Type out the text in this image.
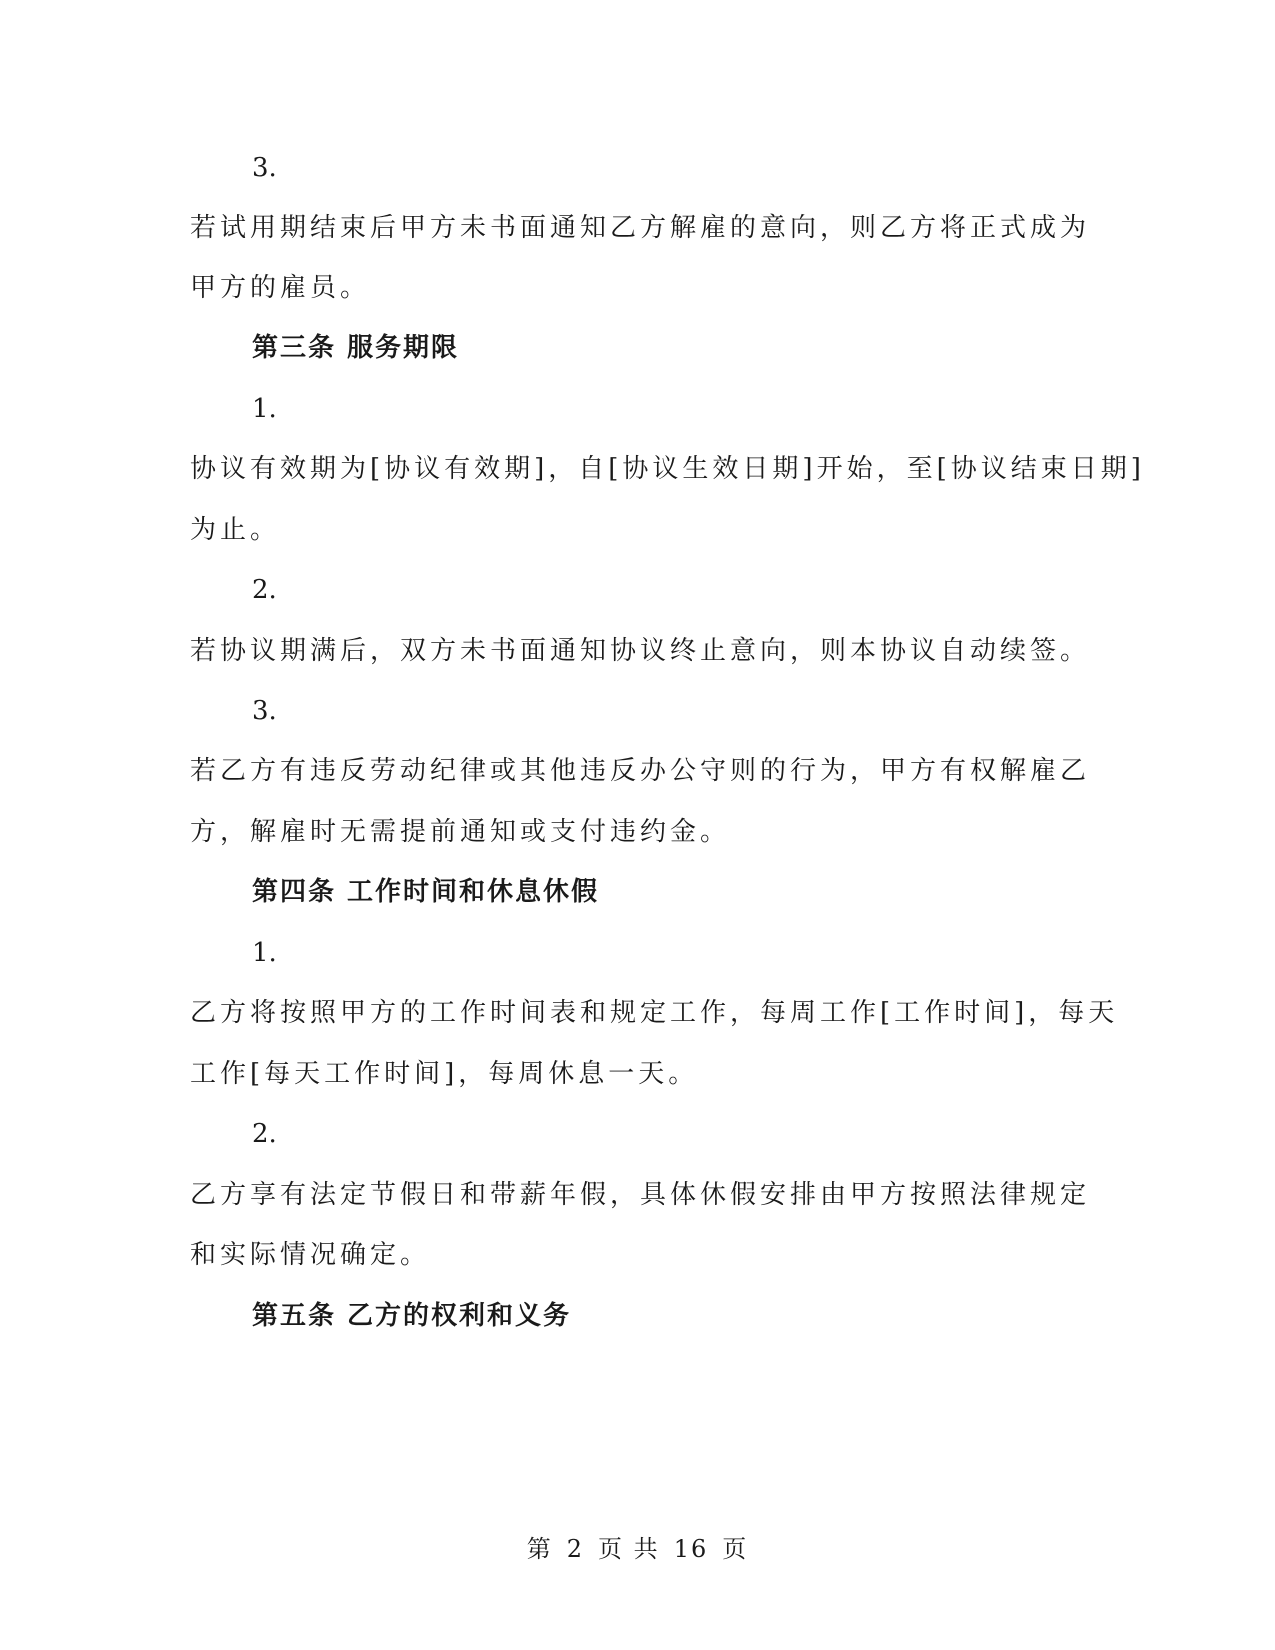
3.
若试用期结束后甲方未书面通知乙方解雇的意向，则乙方将正式成为
甲方的雇员。
第三条 服务期限
1.
协议有效期为[协议有效期]，自[协议生效日期]开始，至[协议结束日期]
为止。
2.
若协议期满后，双方未书面通知协议终止意向，则本协议自动续签。
3.
若乙方有违反劳动纪律或其他违反办公守则的行为，甲方有权解雇乙
方，解雇时无需提前通知或支付违约金。
第四条 工作时间和休息休假
1.
乙方将按照甲方的工作时间表和规定工作，每周工作[工作时间]，每天
工作[每天工作时间]，每周休息一天。
2.
乙方享有法定节假日和带薪年假，具体休假安排由甲方按照法律规定
和实际情况确定。
第五条 乙方的权利和义务
第 2 页 共 16 页
